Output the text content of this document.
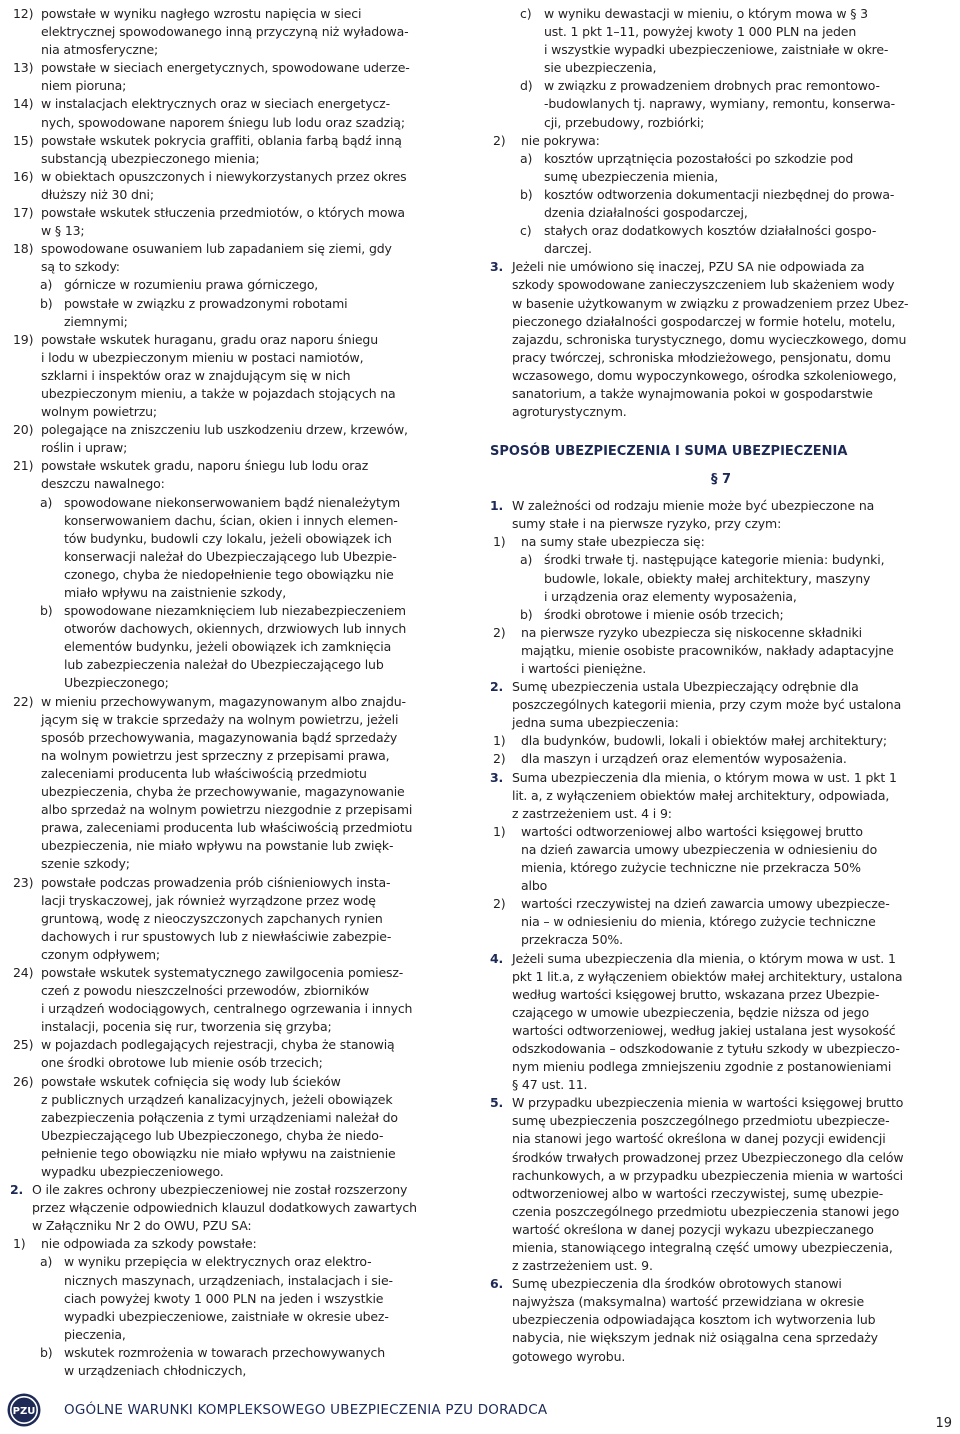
12) powstałe w wyniku nagłego wzrostu napięcia w sieci
elektrycznej spowodowanego inną przyczyną niż wyładowa-
nia atmosferyczne;
13) powstałe w sieciach energetycznych, spowodowane uderze-
niem pioruna;
14) w instalacjach elektrycznych oraz w sieciach energetycz-
nych, spowodowane naporem śniegu lub lodu oraz szadzią;
15) powstałe wskutek pokrycia graffiti, oblania farbą bądź inną
substancją ubezpieczonego mienia;
16) w obiektach opuszczonych i niewykorzystanych przez okres
dłuższy niż 30 dni;
17) powstałe wskutek stłuczenia przedmiotów, o których mowa
w § 13;
18) spowodowane osuwaniem lub zapadaniem się ziemi, gdy
są to szkody:
a) górnicze w rozumieniu prawa górniczego,
b) powstałe w związku z prowadzonymi robotami
ziemnymi;
19) powstałe wskutek huraganu, gradu oraz naporu śniegu
i lodu w ubezpieczonym mieniu w postaci namiotów,
szklarni i inspektów oraz w znajdującym się w nich
ubezpieczonym mieniu, a także w pojazdach stojących na
wolnym powietrzu;
20) polegające na zniszczeniu lub uszkodzeniu drzew, krzewów,
roślin i upraw;
21) powstałe wskutek gradu, naporu śniegu lub lodu oraz
deszczu nawalnego:
a) spowodowane niekonserwowaniem bądź nienależytym
konserwowaniem dachu, ścian, okien i innych elemen-
tów budynku, budowli czy lokalu, jeżeli obowiązek ich
konserwacji należał do Ubezpieczającego lub Ubezpie-
czonego, chyba że niedopełnienie tego obowiązku nie
miało wpływu na zaistnienie szkody,
b) spowodowane niezamknięciem lub niezabezpieczeniem
otworów dachowych, okiennych, drzwiowych lub innych
elementów budynku, jeżeli obowiązek ich zamknięcia
lub zabezpieczenia należał do Ubezpieczającego lub
Ubezpieczonego;
22) w mieniu przechowywanym, magazynowanym albo znajdu-
jącym się w trakcie sprzedaży na wolnym powietrzu, jeżeli
sposób przechowywania, magazynowania bądź sprzedaży
na wolnym powietrzu jest sprzeczny z przepisami prawa,
zaleceniami producenta lub właściwością przedmiotu
ubezpieczenia, chyba że przechowywanie, magazynowanie
albo sprzedaż na wolnym powietrzu niezgodnie z przepisami
prawa, zaleceniami producenta lub właściwością przedmiotu
ubezpieczenia, nie miało wpływu na powstanie lub zwięk-
szenie szkody;
23) powstałe podczas prowadzenia prób ciśnieniowych insta-
lacji tryskaczowej, jak również wyrządzone przez wodę
gruntową, wodę z nieoczyszczonych zapchanych rynien
dachowych i rur spustowych lub z niewłaściwie zabezpie-
czonym odpływem;
24) powstałe wskutek systematycznego zawilgocenia pomiesz-
czeń z powodu nieszczelności przewodów, zbiorników
i urządzeń wodociągowych, centralnego ogrzewania i innych
instalacji, pocenia się rur, tworzenia się grzyba;
25) w pojazdach podlegających rejestracji, chyba że stanowią
one środki obrotowe lub mienie osób trzecich;
26) powstałe wskutek cofnięcia się wody lub ścieków
z publicznych urządzeń kanalizacyjnych, jeżeli obowiązek
zabezpieczenia połączenia z tymi urządzeniami należał do
Ubezpieczającego lub Ubezpieczonego, chyba że niedo-
pełnienie tego obowiązku nie miało wpływu na zaistnienie
wypadku ubezpieczeniowego.
2. O ile zakres ochrony ubezpieczeniowej nie został rozszerzony
przez włączenie odpowiednich klauzul dodatkowych zawartych
w Załączniku Nr 2 do OWU, PZU SA:
1) nie odpowiada za szkody powstałe:
a) w wyniku przepięcia w elektrycznych oraz elektro-
nicznych maszynach, urządzeniach, instalacjach i sie-
ciach powyżej kwoty 1 000 PLN na jeden i wszystkie
wypadki ubezpieczeniowe, zaistniałe w okresie ubez-
pieczenia,
b) wskutek rozmrożenia w towarach przechowywanych
w urządzeniach chłodniczych,
c) w wyniku dewastacji w mieniu, o którym mowa w § 3
ust. 1 pkt 1–11, powyżej kwoty 1 000 PLN na jeden
i wszystkie wypadki ubezpieczeniowe, zaistniałe w okre-
sie ubezpieczenia,
d) w związku z prowadzeniem drobnych prac remontowo-
-budowlanych tj. naprawy, wymiany, remontu, konserwa-
cji, przebudowy, rozbiórki;
2) nie pokrywa:
a) kosztów uprzątnięcia pozostałości po szkodzie pod
sumę ubezpieczenia mienia,
b) kosztów odtworzenia dokumentacji niezbędnej do prowa-
dzenia działalności gospodarczej,
c) stałych oraz dodatkowych kosztów działalności gospo-
darczej.
3. Jeżeli nie umówiono się inaczej, PZU SA nie odpowiada za
szkody spowodowane zanieczyszczeniem lub skażeniem wody
w basenie użytkowanym w związku z prowadzeniem przez Ubez-
pieczonego działalności gospodarczej w formie hotelu, motelu,
zajazdu, schroniska turystycznego, domu wycieczkowego, domu
pracy twórczej, schroniska młodzieżowego, pensjonatu, domu
wczasowego, domu wypoczynkowego, ośrodka szkoleniowego,
sanatorium, a także wynajmowania pokoi w gospodarstwie
agroturystycznym.
SPOSÓB UBEZPIECZENIA I SUMA UBEZPIECZENIA
§ 7
1. W zależności od rodzaju mienie może być ubezpieczone na
sumy stałe i na pierwsze ryzyko, przy czym:
1) na sumy stałe ubezpiecza się:
a) środki trwałe tj. następujące kategorie mienia: budynki,
budowle, lokale, obiekty małej architektury, maszyny
i urządzenia oraz elementy wyposażenia,
b) środki obrotowe i mienie osób trzecich;
2) na pierwsze ryzyko ubezpiecza się niskocenne składniki
majątku, mienie osobiste pracowników, nakłady adaptacyjne
i wartości pieniężne.
2. Sumę ubezpieczenia ustala Ubezpieczający odrębnie dla
poszczególnych kategorii mienia, przy czym może być ustalona
jedna suma ubezpieczenia:
1) dla budynków, budowli, lokali i obiektów małej architektury;
2) dla maszyn i urządzeń oraz elementów wyposażenia.
3. Suma ubezpieczenia dla mienia, o którym mowa w ust. 1 pkt 1
lit. a, z wyłączeniem obiektów małej architektury, odpowiada,
z zastrzeżeniem ust. 4 i 9:
1) wartości odtworzeniowej albo wartości księgowej brutto
na dzień zawarcia umowy ubezpieczenia w odniesieniu do
mienia, którego zużycie techniczne nie przekracza 50%
albo
2) wartości rzeczywistej na dzień zawarcia umowy ubezpiecze-
nia – w odniesieniu do mienia, którego zużycie techniczne
przekracza 50%.
4. Jeżeli suma ubezpieczenia dla mienia, o którym mowa w ust. 1
pkt 1 lit.a, z wyłączeniem obiektów małej architektury, ustalona
według wartości księgowej brutto, wskazana przez Ubezpie-
czającego w umowie ubezpieczenia, będzie niższa od jego
wartości odtworzeniowej, według jakiej ustalana jest wysokość
odszkodowania – odszkodowanie z tytułu szkody w ubezpieczo-
nym mieniu podlega zmniejszeniu zgodnie z postanowieniami
§ 47 ust. 11.
5. W przypadku ubezpieczenia mienia w wartości księgowej brutto
sumę ubezpieczenia poszczególnego przedmiotu ubezpiecze-
nia stanowi jego wartość określona w danej pozycji ewidencji
środków trwałych prowadzonej przez Ubezpieczonego dla celów
rachunkowych, a w przypadku ubezpieczenia mienia w wartości
odtworzeniowej albo w wartości rzeczywistej, sumę ubezpie-
czenia poszczególnego przedmiotu ubezpieczenia stanowi jego
wartość określona w danej pozycji wykazu ubezpieczanego
mienia, stanowiącego integralną część umowy ubezpieczenia,
z zastrzeżeniem ust. 9.
6. Sumę ubezpieczenia dla środków obrotowych stanowi
najwyższa (maksymalna) wartość przewidziana w okresie
ubezpieczenia odpowiadająca kosztom ich wytworzenia lub
nabycia, nie większym jednak niż osiągalna cena sprzedaży
gotowego wyrobu.
PZU OGÓLNE WARUNKI KOMPLEKSOWEGO UBEZPIECZENIA PZU DORADCA
19
